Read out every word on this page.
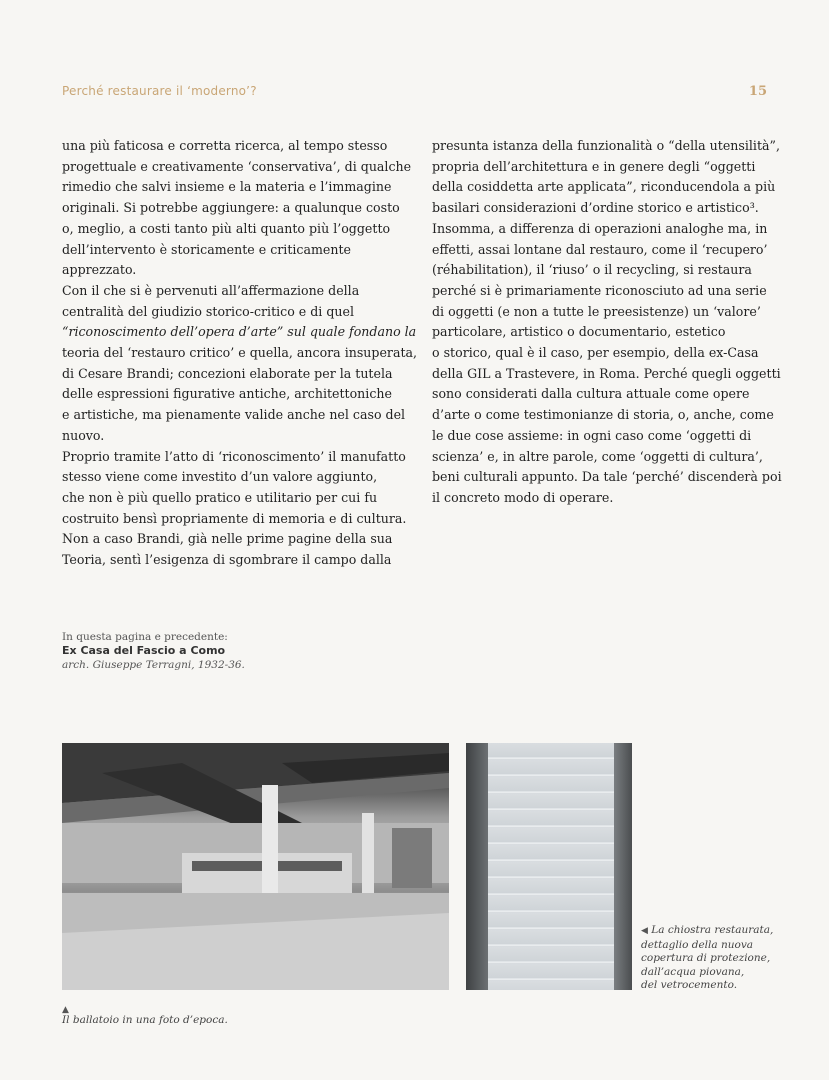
Perché restaurare il ‘moderno’?	15
una più faticosa e corretta ricerca, al tempo stesso
progettuale e creativamente ‘conservativa’, di qualche
rimedio che salvi insieme e la materia e l’immagine
originali. Si potrebbe aggiungere: a qualunque costo
o, meglio, a costi tanto più alti quanto più l’oggetto
dell’intervento è storicamente e criticamente
apprezzato.
Con il che si è pervenuti all’affermazione della
centralità del giudizio storico-critico e di quel
“riconoscimento dell’opera d’arte” sul quale fondano la
teoria del ‘restauro critico’ e quella, ancora insuperata,
di Cesare Brandi; concezioni elaborate per la tutela
delle espressioni figurative antiche, architettoniche
e artistiche, ma pienamente valide anche nel caso del
nuovo.
Proprio tramite l’atto di ‘riconoscimento’ il manufatto
stesso viene come investito d’un valore aggiunto,
che non è più quello pratico e utilitario per cui fu
costruito bensì propriamente di memoria e di cultura.
Non a caso Brandi, già nelle prime pagine della sua
Teoria, sentì l’esigenza di sgombrare il campo dalla
presunta istanza della funzionalità o “della utensilità”,
propria dell’architettura e in genere degli “oggetti
della cosiddetta arte applicata”, riconducendola a più
basilari considerazioni d’ordine storico e artistico³.
Insomma, a differenza di operazioni analoghe ma, in
effetti, assai lontane dal restauro, come il ‘recupero’
(réhabilitation), il ‘riuso’ o il recycling, si restaura
perché si è primariamente riconosciuto ad una serie
di oggetti (e non a tutte le preesistenze) un ‘valore’
particolare, artistico o documentario, estetico
o storico, qual è il caso, per esempio, della ex-Casa
della GIL a Trastevere, in Roma. Perché quegli oggetti
sono considerati dalla cultura attuale come opere
d’arte o come testimonianze di storia, o, anche, come
le due cose assieme: in ogni caso come ‘oggetti di
scienza’ e, in altre parole, come ‘oggetti di cultura’,
beni culturali appunto. Da tale ‘perché’ discenderà poi
il concreto modo di operare.
In questa pagina e precedente:
Ex Casa del Fascio a Como
arch. Giuseppe Terragni, 1932-36.
◀ La chiostra restaurata,
dettaglio della nuova
copertura di protezione,
dall’acqua piovana,
del vetrocemento.
▲
Il ballatoio in una foto d’epoca.
